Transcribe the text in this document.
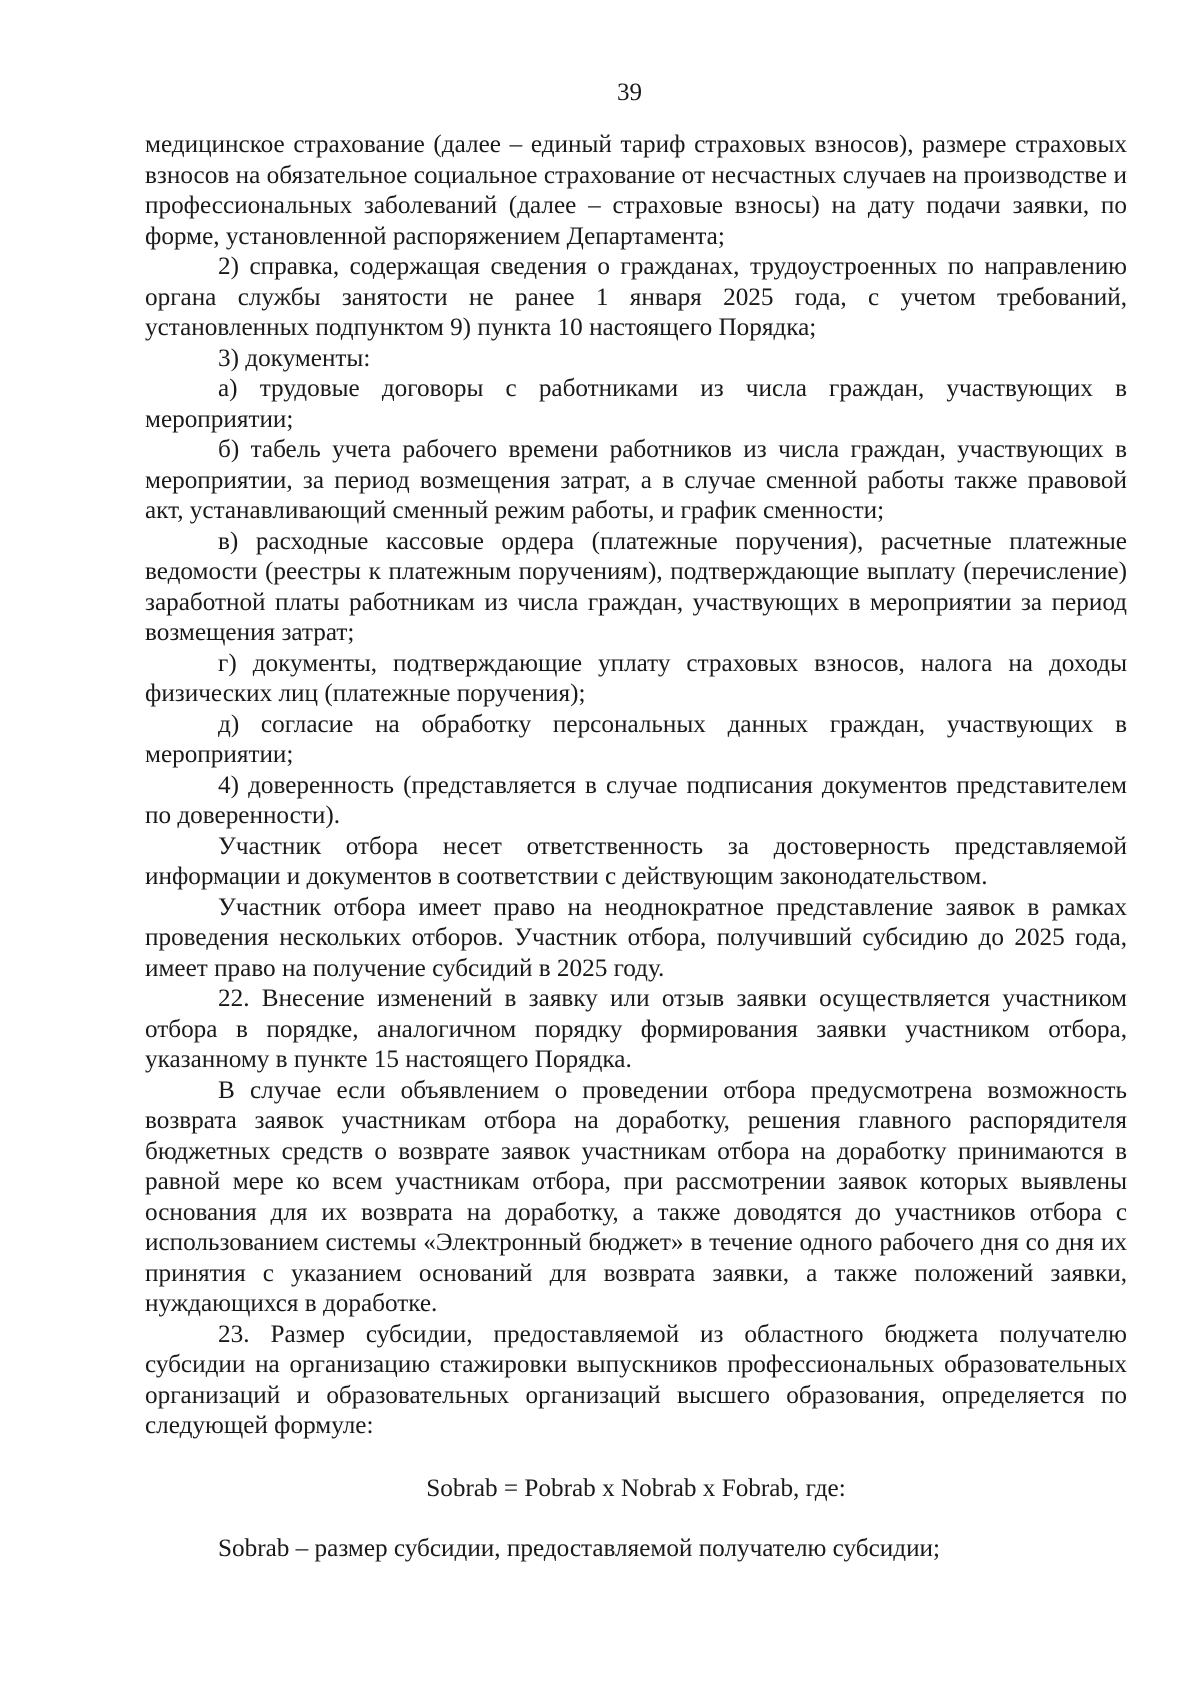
39

медицинское страхование (далее – единый тариф страховых взносов), размере страховых взносов на обязательное социальное страхование от несчастных случаев на производстве и профессиональных заболеваний (далее – страховые взносы) на дату подачи заявки, по форме, установленной распоряжением Департамента;

2) справка, содержащая сведения о гражданах, трудоустроенных по направлению органа службы занятости не ранее 1 января 2025 года, с учетом требований, установленных подпунктом 9) пункта 10 настоящего Порядка;

3) документы:

а) трудовые договоры с работниками из числа граждан, участвующих в мероприятии;

б) табель учета рабочего времени работников из числа граждан, участвующих в мероприятии, за период возмещения затрат, а в случае сменной работы также правовой акт, устанавливающий сменный режим работы, и график сменности;

в) расходные кассовые ордера (платежные поручения), расчетные платежные ведомости (реестры к платежным поручениям), подтверждающие выплату (перечисление) заработной платы работникам из числа граждан, участвующих в мероприятии за период возмещения затрат;

г) документы, подтверждающие уплату страховых взносов, налога на доходы физических лиц (платежные поручения);

д) согласие на обработку персональных данных граждан, участвующих в мероприятии;

4) доверенность (представляется в случае подписания документов представителем по доверенности).

Участник отбора несет ответственность за достоверность представляемой информации и документов в соответствии с действующим законодательством.

Участник отбора имеет право на неоднократное представление заявок в рамках проведения нескольких отборов. Участник отбора, получивший субсидию до 2025 года, имеет право на получение субсидий в 2025 году.

22. Внесение изменений в заявку или отзыв заявки осуществляется участником отбора в порядке, аналогичном порядку формирования заявки участником отбора, указанному в пункте 15 настоящего Порядка.

В случае если объявлением о проведении отбора предусмотрена возможность возврата заявок участникам отбора на доработку, решения главного распорядителя бюджетных средств о возврате заявок участникам отбора на доработку принимаются в равной мере ко всем участникам отбора, при рассмотрении заявок которых выявлены основания для их возврата на доработку, а также доводятся до участников отбора с использованием системы «Электронный бюджет» в течение одного рабочего дня со дня их принятия с указанием оснований для возврата заявки, а также положений заявки, нуждающихся в доработке.

23. Размер субсидии, предоставляемой из областного бюджета получателю субсидии на организацию стажировки выпускников профессиональных образовательных организаций и образовательных организаций высшего образования, определяется по следующей формуле:

Sobrab = Pobrab x Nobrab x Fobrab, где:

Sobrab – размер субсидии, предоставляемой получателю субсидии;
